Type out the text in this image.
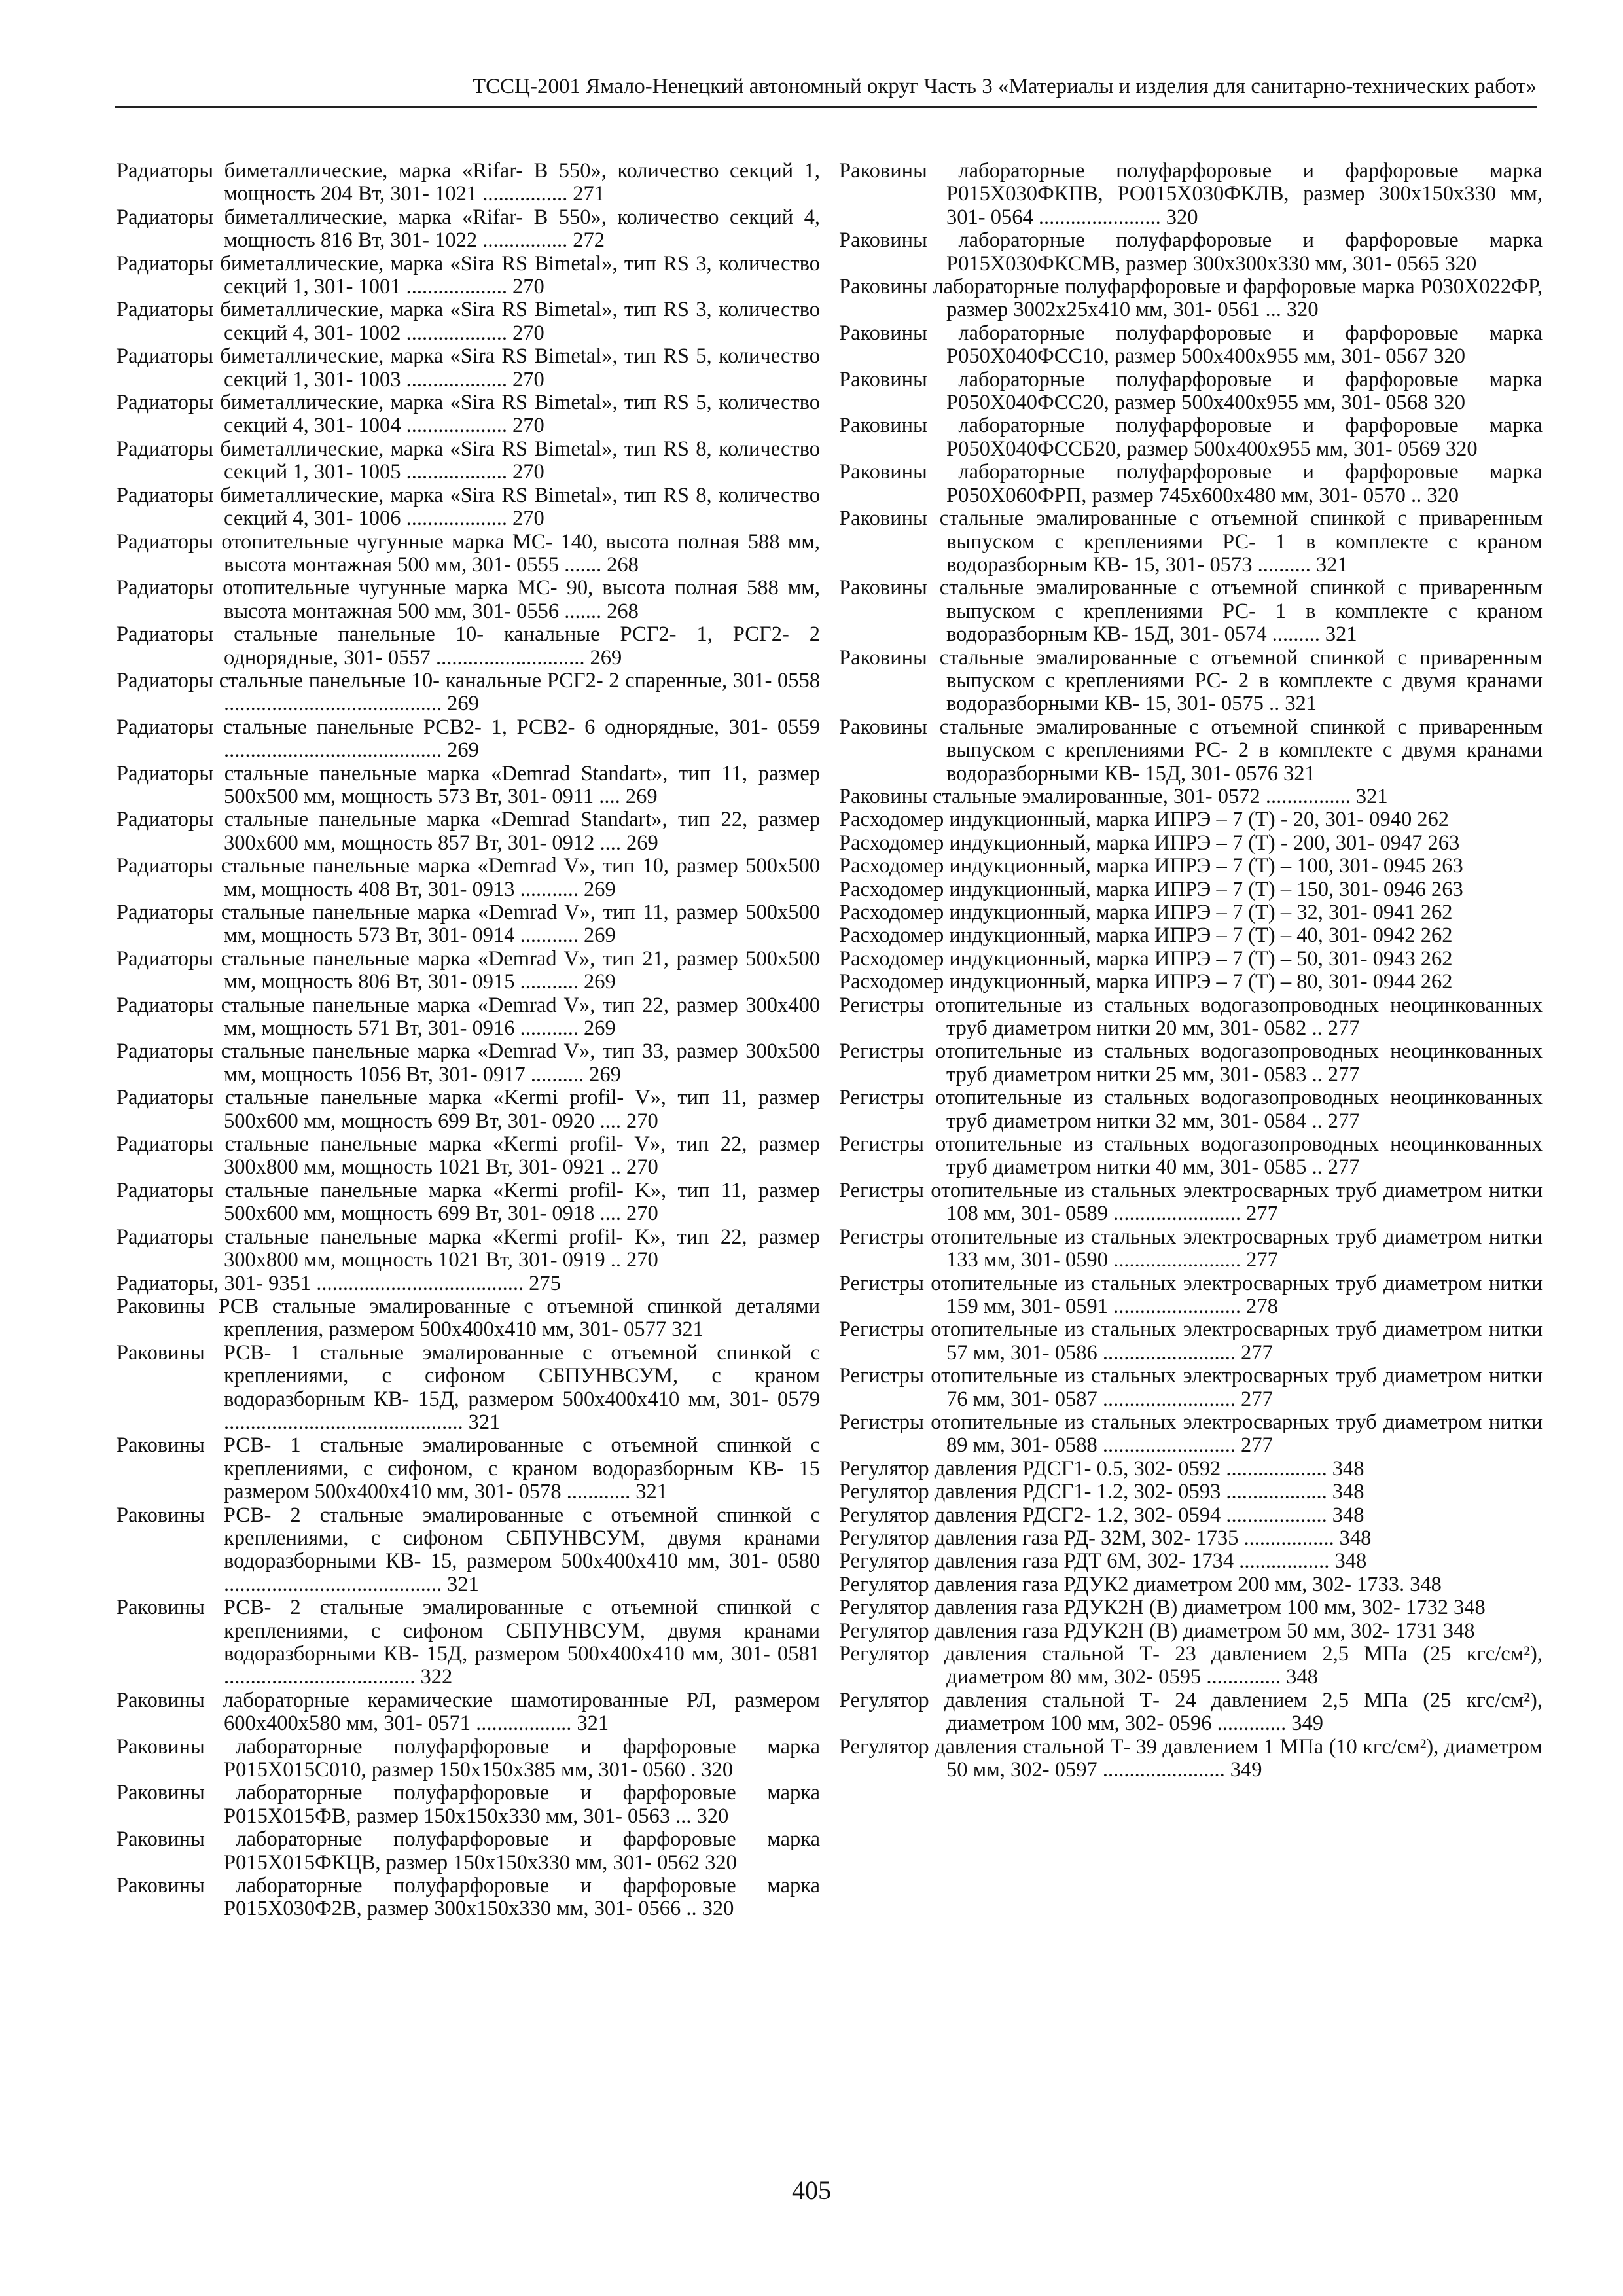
ТССЦ-2001 Ямало-Ненецкий автономный округ Часть 3 «Материалы и изделия для санитарно-технических работ»
Радиаторы биметаллические, марка «Rifar- B 550», количество секций 1, мощность 204 Вт, 301- 1021 ................ 271
Радиаторы биметаллические, марка «Rifar- B 550», количество секций 4, мощность 816 Вт, 301- 1022 ................ 272
Радиаторы биметаллические, марка «Sira RS Bimetal», тип RS 3, количество секций 1, 301- 1001 ................... 270
Радиаторы биметаллические, марка «Sira RS Bimetal», тип RS 3, количество секций 4, 301- 1002 ................... 270
Радиаторы биметаллические, марка «Sira RS Bimetal», тип RS 5, количество секций 1, 301- 1003 ................... 270
Радиаторы биметаллические, марка «Sira RS Bimetal», тип RS 5, количество секций 4, 301- 1004 ................... 270
Радиаторы биметаллические, марка «Sira RS Bimetal», тип RS 8, количество секций 1, 301- 1005 ................... 270
Радиаторы биметаллические, марка «Sira RS Bimetal», тип RS 8, количество секций 4, 301- 1006 ................... 270
Радиаторы отопительные чугунные марка МС- 140, высота полная 588 мм, высота монтажная 500 мм, 301- 0555 ....... 268
Радиаторы отопительные чугунные марка МС- 90, высота полная 588 мм, высота монтажная 500 мм, 301- 0556 ....... 268
Радиаторы стальные панельные 10- канальные РСГ2- 1, РСГ2- 2 однорядные, 301- 0557 ............................ 269
Радиаторы стальные панельные 10- канальные РСГ2- 2 спаренные, 301- 0558 ......................................... 269
Радиаторы стальные панельные РСВ2- 1, РСВ2- 6 однорядные, 301- 0559 ......................................... 269
Радиаторы стальные панельные марка «Demrad Standart», тип 11, размер 500х500 мм, мощность 573 Вт, 301- 0911 .... 269
Радиаторы стальные панельные марка «Demrad Standart», тип 22, размер 300х600 мм, мощность 857 Вт, 301- 0912 .... 269
Радиаторы стальные панельные марка «Demrad V», тип 10, размер 500х500 мм, мощность 408 Вт, 301- 0913 ........... 269
Радиаторы стальные панельные марка «Demrad V», тип 11, размер 500х500 мм, мощность 573 Вт, 301- 0914 ........... 269
Радиаторы стальные панельные марка «Demrad V», тип 21, размер 500х500 мм, мощность 806 Вт, 301- 0915 ........... 269
Радиаторы стальные панельные марка «Demrad V», тип 22, размер 300х400 мм, мощность 571 Вт, 301- 0916 ........... 269
Радиаторы стальные панельные марка «Demrad V», тип 33, размер 300х500 мм, мощность 1056 Вт, 301- 0917 .......... 269
Радиаторы стальные панельные марка «Kermi profil- V», тип 11, размер 500х600 мм, мощность 699 Вт, 301- 0920 .... 270
Радиаторы стальные панельные марка «Kermi profil- V», тип 22, размер 300х800 мм, мощность 1021 Вт, 301- 0921 .. 270
Радиаторы стальные панельные марка «Kermi profil- K», тип 11, размер 500х600 мм, мощность 699 Вт, 301- 0918 .... 270
Радиаторы стальные панельные марка «Kermi profil- K», тип 22, размер 300х800 мм, мощность 1021 Вт, 301- 0919 .. 270
Радиаторы, 301- 9351 ....................................... 275
Раковины РСВ стальные эмалированные с отъемной спинкой деталями крепления, размером 500х400х410 мм, 301- 0577 321
Раковины РСВ- 1 стальные эмалированные с отъемной спинкой с креплениями, с сифоном СБПУНВСУМ, с краном водоразборным КВ- 15Д, размером 500х400х410 мм, 301- 0579 ............................................. 321
Раковины РСВ- 1 стальные эмалированные с отъемной спинкой с креплениями, с сифоном, с краном водоразборным КВ- 15 размером 500х400х410 мм, 301- 0578 ............ 321
Раковины РСВ- 2 стальные эмалированные с отъемной спинкой с креплениями, с сифоном СБПУНВСУМ, двумя кранами водоразборными КВ- 15, размером 500х400х410 мм, 301- 0580 ......................................... 321
Раковины РСВ- 2 стальные эмалированные с отъемной спинкой с креплениями, с сифоном СБПУНВСУМ, двумя кранами водоразборными КВ- 15Д, размером 500х400х410 мм, 301- 0581 .................................... 322
Раковины лабораторные керамические шамотированные РЛ, размером 600х400х580 мм, 301- 0571 .................. 321
Раковины лабораторные полуфарфоровые и фарфоровые марка Р015Х015С010, размер 150х150х385 мм, 301- 0560 . 320
Раковины лабораторные полуфарфоровые и фарфоровые марка Р015Х015ФВ, размер 150х150х330 мм, 301- 0563 ... 320
Раковины лабораторные полуфарфоровые и фарфоровые марка Р015Х015ФКЦВ, размер 150х150х330 мм, 301- 0562 320
Раковины лабораторные полуфарфоровые и фарфоровые марка Р015Х030Ф2В, размер 300х150х330 мм, 301- 0566 .. 320
Раковины лабораторные полуфарфоровые и фарфоровые марка Р015Х030ФКПВ, РО015Х030ФКЛВ, размер 300х150х330 мм, 301- 0564 ....................... 320
Раковины лабораторные полуфарфоровые и фарфоровые марка Р015Х030ФКСМВ, размер 300х300х330 мм, 301- 0565 320
Раковины лабораторные полуфарфоровые и фарфоровые марка Р030Х022ФР, размер 3002х25х410 мм, 301- 0561 ... 320
Раковины лабораторные полуфарфоровые и фарфоровые марка Р050Х040ФСС10, размер 500х400х955 мм, 301- 0567 320
Раковины лабораторные полуфарфоровые и фарфоровые марка Р050Х040ФСС20, размер 500х400х955 мм, 301- 0568 320
Раковины лабораторные полуфарфоровые и фарфоровые марка Р050Х040ФССБ20, размер 500х400х955 мм, 301- 0569 320
Раковины лабораторные полуфарфоровые и фарфоровые марка Р050Х060ФРП, размер 745х600х480 мм, 301- 0570 .. 320
Раковины стальные эмалированные с отъемной спинкой с приваренным выпуском с креплениями РС- 1 в комплекте с краном водоразборным КВ- 15, 301- 0573 .......... 321
Раковины стальные эмалированные с отъемной спинкой с приваренным выпуском с креплениями РС- 1 в комплекте с краном водоразборным КВ- 15Д, 301- 0574 ......... 321
Раковины стальные эмалированные с отъемной спинкой с приваренным выпуском с креплениями РС- 2 в комплекте с двумя кранами водоразборными КВ- 15, 301- 0575 .. 321
Раковины стальные эмалированные с отъемной спинкой с приваренным выпуском с креплениями РС- 2 в комплекте с двумя кранами водоразборными КВ- 15Д, 301- 0576 321
Раковины стальные эмалированные, 301- 0572 ................ 321
Расходомер индукционный, марка ИПРЭ – 7 (Т) - 20, 301- 0940 262
Расходомер индукционный, марка ИПРЭ – 7 (Т) - 200, 301- 0947 263
Расходомер индукционный, марка ИПРЭ – 7 (Т) – 100, 301- 0945 263
Расходомер индукционный, марка ИПРЭ – 7 (Т) – 150, 301- 0946 263
Расходомер индукционный, марка ИПРЭ – 7 (Т) – 32, 301- 0941 262
Расходомер индукционный, марка ИПРЭ – 7 (Т) – 40, 301- 0942 262
Расходомер индукционный, марка ИПРЭ – 7 (Т) – 50, 301- 0943 262
Расходомер индукционный, марка ИПРЭ – 7 (Т) – 80, 301- 0944 262
Регистры отопительные из стальных водогазопроводных неоцинкованных труб диаметром нитки 20 мм, 301- 0582 .. 277
Регистры отопительные из стальных водогазопроводных неоцинкованных труб диаметром нитки 25 мм, 301- 0583 .. 277
Регистры отопительные из стальных водогазопроводных неоцинкованных труб диаметром нитки 32 мм, 301- 0584 .. 277
Регистры отопительные из стальных водогазопроводных неоцинкованных труб диаметром нитки 40 мм, 301- 0585 .. 277
Регистры отопительные из стальных электросварных труб диаметром нитки 108 мм, 301- 0589 ........................ 277
Регистры отопительные из стальных электросварных труб диаметром нитки 133 мм, 301- 0590 ........................ 277
Регистры отопительные из стальных электросварных труб диаметром нитки 159 мм, 301- 0591 ........................ 278
Регистры отопительные из стальных электросварных труб диаметром нитки 57 мм, 301- 0586 ......................... 277
Регистры отопительные из стальных электросварных труб диаметром нитки 76 мм, 301- 0587 ......................... 277
Регистры отопительные из стальных электросварных труб диаметром нитки 89 мм, 301- 0588 ......................... 277
Регулятор давления РДСГ1- 0.5, 302- 0592 ................... 348
Регулятор давления РДСГ1- 1.2, 302- 0593 ................... 348
Регулятор давления РДСГ2- 1.2, 302- 0594 ................... 348
Регулятор давления газа РД- 32М, 302- 1735 ................. 348
Регулятор давления газа РДТ 6М, 302- 1734 ................. 348
Регулятор давления газа РДУК2 диаметром 200 мм, 302- 1733. 348
Регулятор давления газа РДУК2Н (В) диаметром 100 мм, 302- 1732 348
Регулятор давления газа РДУК2Н (В) диаметром 50 мм, 302- 1731 348
Регулятор давления стальной Т- 23 давлением 2,5 МПа (25 кгс/см²), диаметром 80 мм, 302- 0595 .............. 348
Регулятор давления стальной Т- 24 давлением 2,5 МПа (25 кгс/см²), диаметром 100 мм, 302- 0596 ............. 349
Регулятор давления стальной Т- 39 давлением 1 МПа (10 кгс/см²), диаметром 50 мм, 302- 0597 ....................... 349
405
